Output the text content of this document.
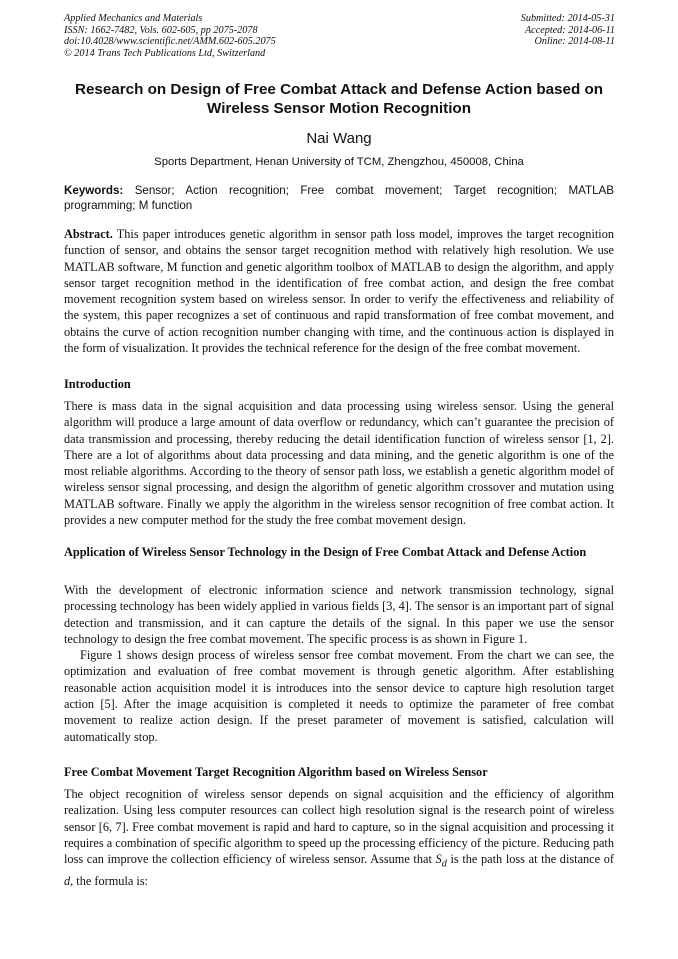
Applied Mechanics and Materials
ISSN: 1662-7482, Vols. 602-605, pp 2075-2078
doi:10.4028/www.scientific.net/AMM.602-605.2075
© 2014 Trans Tech Publications Ltd, Switzerland
Submitted: 2014-05-31
Accepted: 2014-06-11
Online: 2014-08-11
Research on Design of Free Combat Attack and Defense Action based on Wireless Sensor Motion Recognition
Nai Wang
Sports Department, Henan University of TCM, Zhengzhou, 450008, China
Keywords: Sensor; Action recognition; Free combat movement; Target recognition; MATLAB programming; M function

Abstract. This paper introduces genetic algorithm in sensor path loss model, improves the target recognition function of sensor, and obtains the sensor target recognition method with relatively high resolution. We use MATLAB software, M function and genetic algorithm toolbox of MATLAB to design the algorithm, and apply sensor target recognition method in the identification of free combat action, and design the free combat movement recognition system based on wireless sensor. In order to verify the effectiveness and reliability of the system, this paper recognizes a set of continuous and rapid transformation of free combat movement, and obtains the curve of action recognition number changing with time, and the continuous action is displayed in the form of visualization. It provides the technical reference for the design of the free combat movement.

Introduction

There is mass data in the signal acquisition and data processing using wireless sensor. Using the general algorithm will produce a large amount of data overflow or redundancy, which can’t guarantee the precision of data transmission and processing, thereby reducing the detail identification function of wireless sensor [1, 2]. There are a lot of algorithms about data processing and data mining, and the genetic algorithm is one of the most reliable algorithms. According to the theory of sensor path loss, we establish a genetic algorithm model of wireless sensor signal processing, and design the algorithm of genetic algorithm crossover and mutation using MATLAB software. Finally we apply the algorithm in the wireless sensor recognition of free combat action. It provides a new computer method for the study the free combat movement design.

Application of Wireless Sensor Technology in the Design of Free Combat Attack and Defense Action

With the development of electronic information science and network transmission technology, signal processing technology has been widely applied in various fields [3, 4]. The sensor is an important part of signal detection and transmission, and it can capture the details of the signal. In this paper we use the sensor technology to design the free combat movement. The specific process is as shown in Figure 1.

Figure 1 shows design process of wireless sensor free combat movement. From the chart we can see, the optimization and evaluation of free combat movement is through genetic algorithm. After establishing reasonable action acquisition model it is introduces into the sensor device to capture high resolution target action [5]. After the image acquisition is completed it needs to optimize the parameter of free combat movement to realize action design. If the preset parameter of movement is satisfied, calculation will automatically stop.

Free Combat Movement Target Recognition Algorithm based on Wireless Sensor

The object recognition of wireless sensor depends on signal acquisition and the efficiency of algorithm realization. Using less computer resources can collect high resolution signal is the research point of wireless sensor [6, 7]. Free combat movement is rapid and hard to capture, so in the signal acquisition and processing it requires a combination of specific algorithm to speed up the processing efficiency of the picture. Reducing path loss can improve the collection efficiency of wireless sensor. Assume that $S_d$ is the path loss at the distance of d, the formula is:
